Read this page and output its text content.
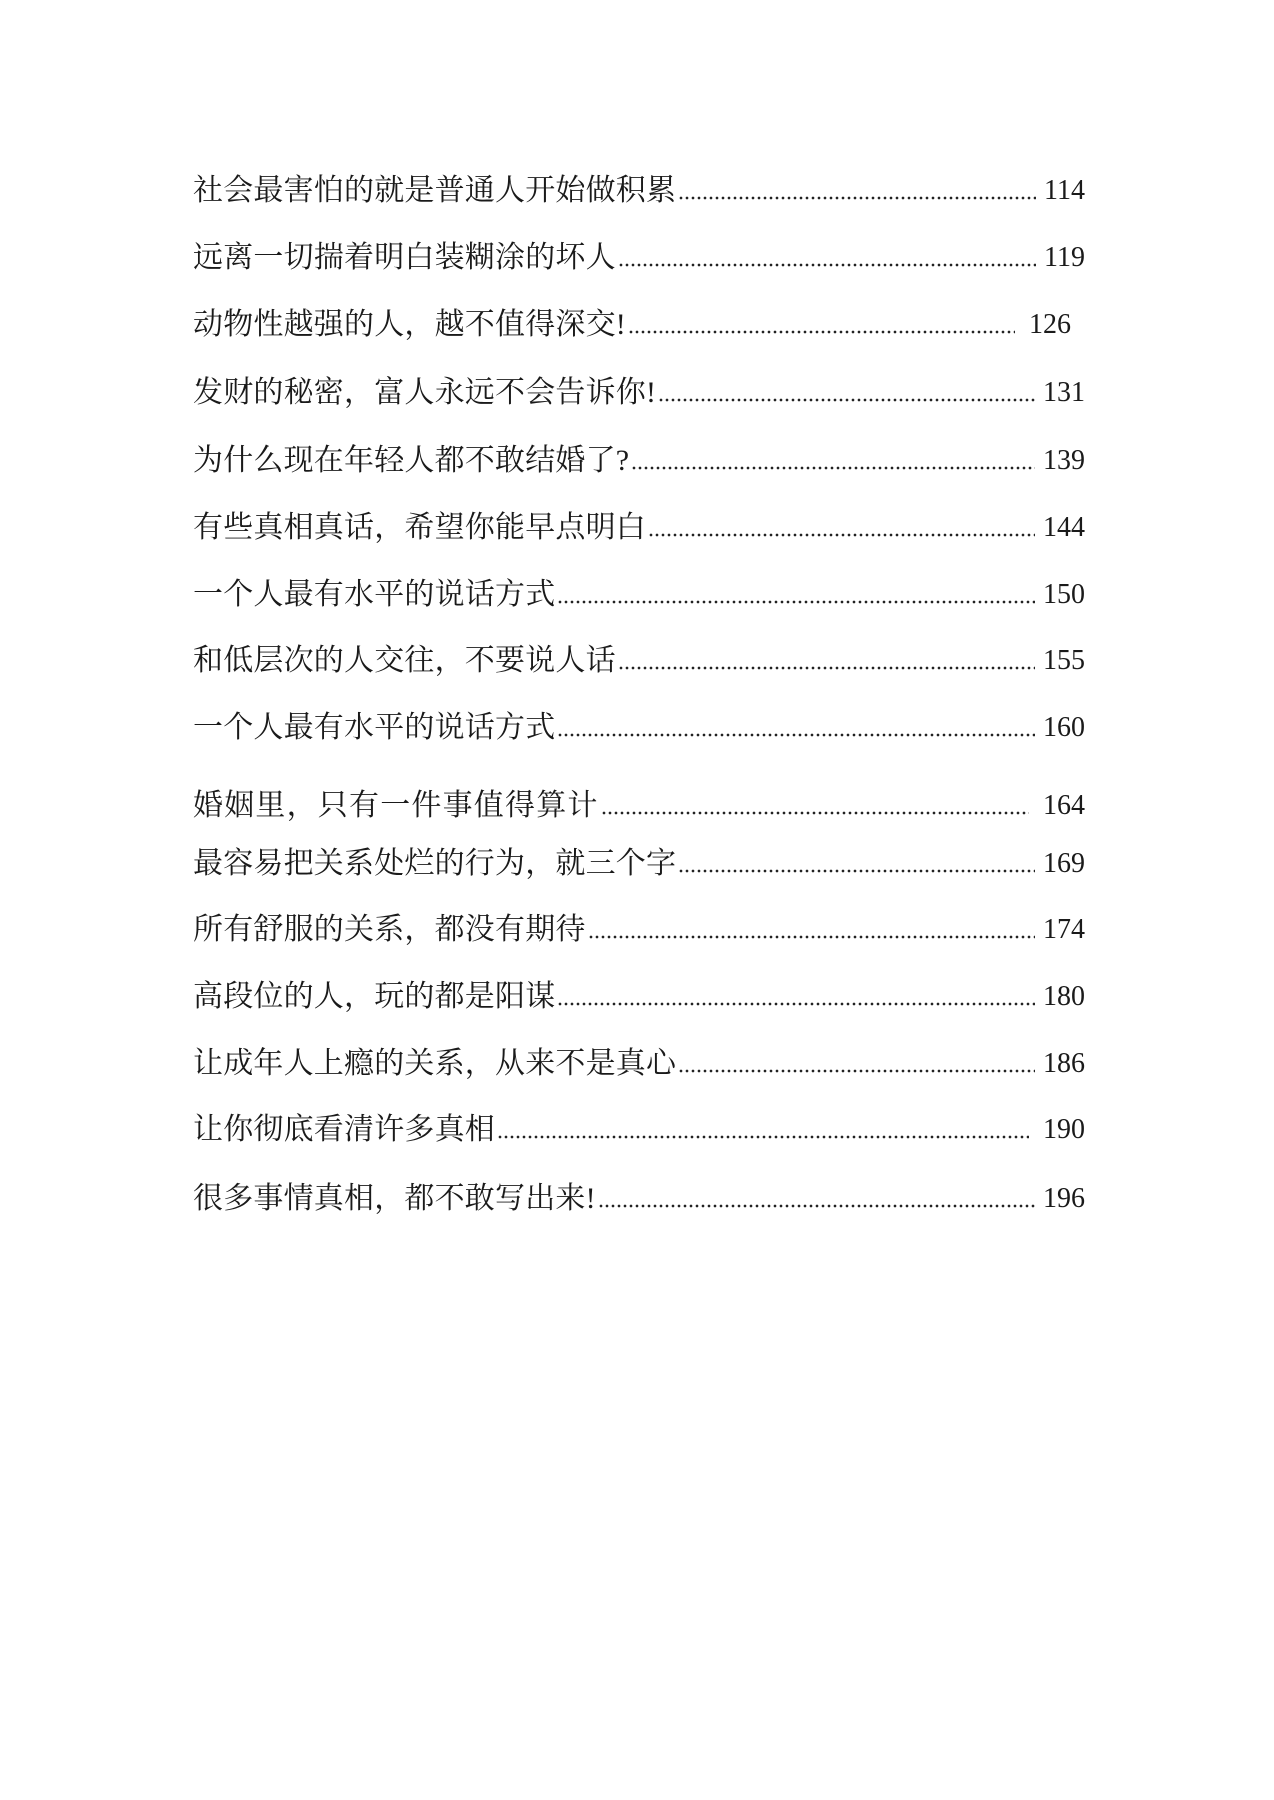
社会最害怕的就是普通人开始做积累	114
远离一切揣着明白装糊涂的坏人	119
动物性越强的人，越不值得深交!	126
发财的秘密，富人永远不会告诉你!	131
为什么现在年轻人都不敢结婚了?	139
有些真相真话，希望你能早点明白	144
一个人最有水平的说话方式	150
和低层次的人交往，不要说人话	155
一个人最有水平的说话方式	160
婚姻里，只有一件事值得算计	164
最容易把关系处烂的行为，就三个字	169
所有舒服的关系，都没有期待	174
高段位的人，玩的都是阳谋	180
让成年人上瘾的关系，从来不是真心	186
让你彻底看清许多真相	190
很多事情真相，都不敢写出来!	196
